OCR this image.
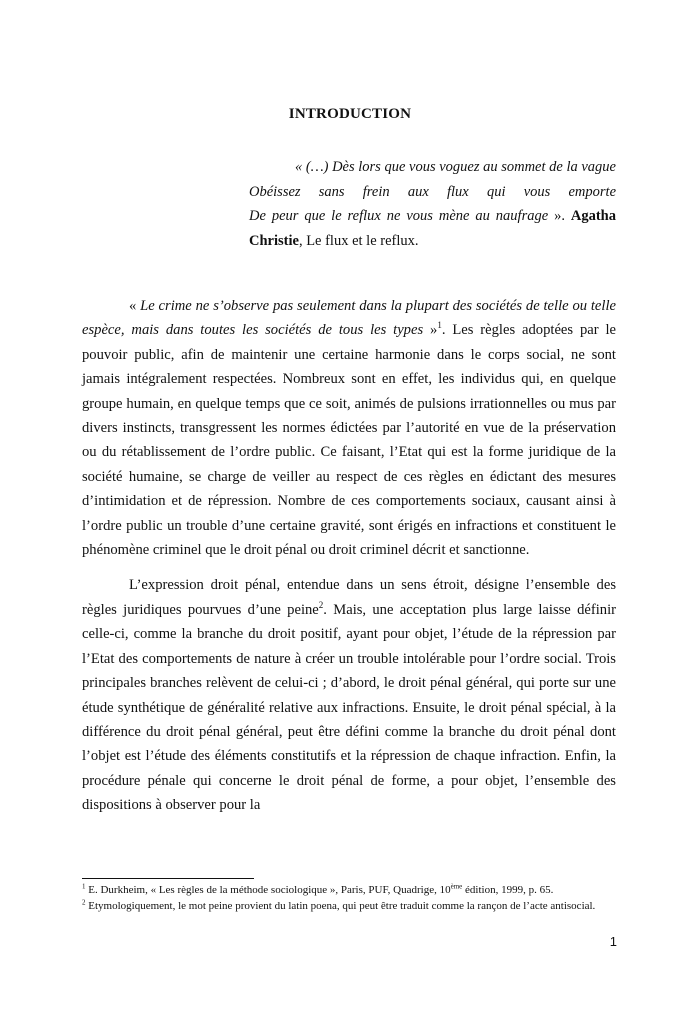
INTRODUCTION
« (…) Dès lors que vous voguez au sommet de la vague
Obéissez sans frein aux flux qui vous emporte
De peur que le reflux ne vous mène au naufrage ». Agatha Christie, Le flux et le reflux.

« Le crime ne s’observe pas seulement dans la plupart des sociétés de telle ou telle espèce, mais dans toutes les sociétés de tous les types »$^1$. Les règles adoptées par le pouvoir public, afin de maintenir une certaine harmonie dans le corps social, ne sont jamais intégralement respectées. Nombreux sont en effet, les individus qui, en quelque groupe humain, en quelque temps que ce soit, animés de pulsions irrationnelles ou mus par divers instincts, transgressent les normes édictées par l’autorité en vue de la préservation ou du rétablissement de l’ordre public. Ce faisant, l’Etat qui est la forme juridique de la société humaine, se charge de veiller au respect de ces règles en édictant des mesures d’intimidation et de répression. Nombre de ces comportements sociaux, causant ainsi à l’ordre public un trouble d’une certaine gravité, sont érigés en infractions et constituent le phénomène criminel que le droit pénal ou droit criminel décrit et sanctionne.

L’expression droit pénal, entendue dans un sens étroit, désigne l’ensemble des règles juridiques pourvues d’une peine$^2$. Mais, une acceptation plus large laisse définir celle-ci, comme la branche du droit positif, ayant pour objet, l’étude de la répression par l’Etat des comportements de nature à créer un trouble intolérable pour l’ordre social. Trois principales branches relèvent de celui-ci ; d’abord, le droit pénal général, qui porte sur une étude synthétique de généralité relative aux infractions. Ensuite, le droit pénal spécial, à la différence du droit pénal général, peut être défini comme la branche du droit pénal dont l’objet est l’étude des éléments constitutifs et la répression de chaque infraction. Enfin, la procédure pénale qui concerne le droit pénal de forme, a pour objet, l’ensemble des dispositions à observer pour la

$^1$ E. Durkheim, « Les règles de la méthode sociologique », Paris, PUF, Quadrige, 10ème édition, 1999, p. 65.
$^2$ Etymologiquement, le mot peine provient du latin poena, qui peut être traduit comme la rançon de l’acte antisocial.
1
